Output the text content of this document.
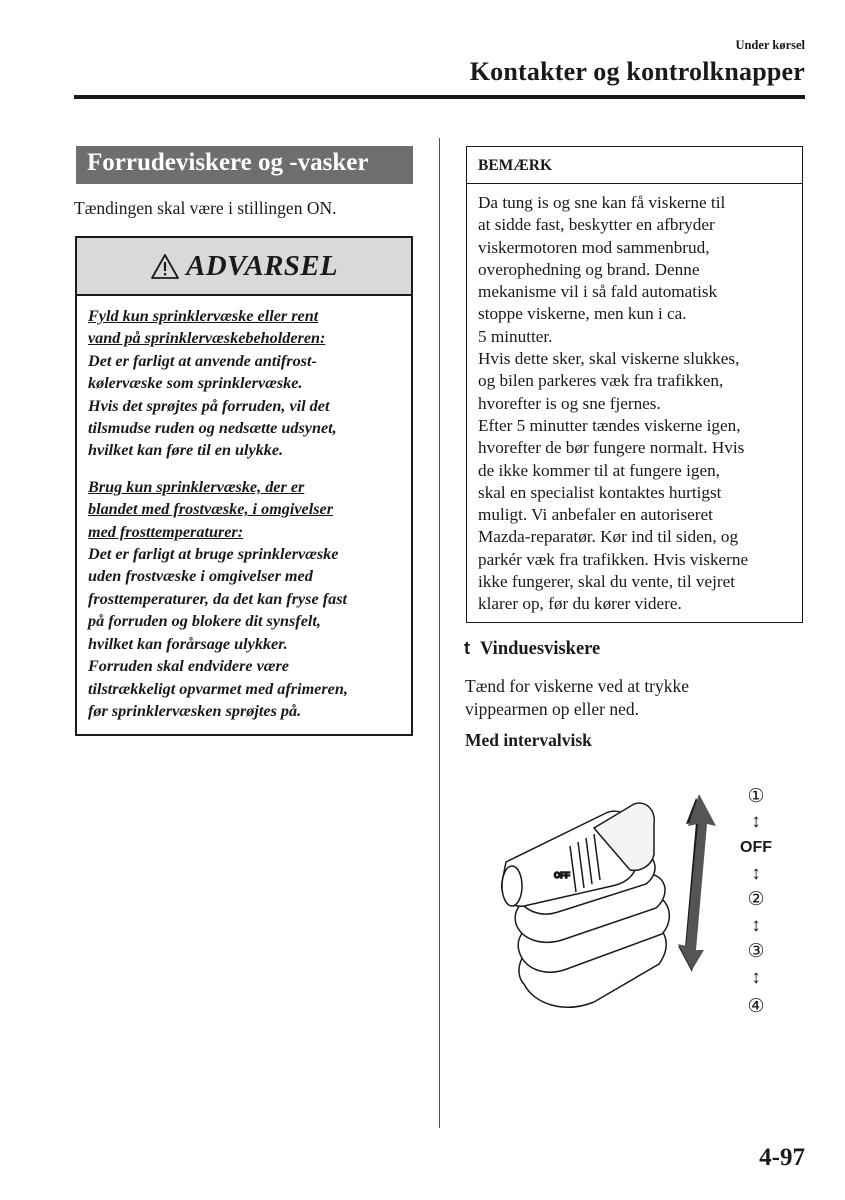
Under kørsel
Kontakter og kontrolknapper
Forrudeviskere og -vasker
Tændingen skal være i stillingen ON.
ADVARSEL

Fyld kun sprinklervæske eller rent

vand på sprinklervæskebeholderen:

Det er farligt at anvende antifrost-

kølervæske som sprinklervæske.

Hvis det sprøjtes på forruden, vil det

tilsmudse ruden og nedsætte udsynet,

hvilket kan føre til en ulykke.

Brug kun sprinklervæske, der er

blandet med frostvæske, i omgivelser

med frosttemperaturer:

Det er farligt at bruge sprinklervæske

uden frostvæske i omgivelser med

frosttemperaturer, da det kan fryse fast

på forruden og blokere dit synsfelt,

hvilket kan forårsage ulykker.

Forruden skal endvidere være

tilstrækkeligt opvarmet med afrimeren,

før sprinklervæsken sprøjtes på.

BEMÆRK
Da tung is og sne kan få viskerne til
at sidde fast, beskytter en afbryder
viskermotoren mod sammenbrud,
overophedning og brand. Denne
mekanisme vil i så fald automatisk
stoppe viskerne, men kun i ca.
5 minutter.
Hvis dette sker, skal viskerne slukkes,
og bilen parkeres væk fra trafikken,
hvorefter is og sne fjernes.
Efter 5 minutter tændes viskerne igen,
hvorefter de bør fungere normalt. Hvis
de ikke kommer til at fungere igen,
skal en specialist kontaktes hurtigst
muligt. Vi anbefaler en autoriseret
Mazda-reparatør. Kør ind til siden, og
parkér væk fra trafikken. Hvis viskerne
ikke fungerer, skal du vente, til vejret
klarer op, før du kører videre.
t Vinduesviskere
Tænd for viskerne ved at trykke
vippearmen op eller ned.
Med intervalvisk
OFF
①
↕
OFF
↕
②
↕
③
↕
④
4-97
